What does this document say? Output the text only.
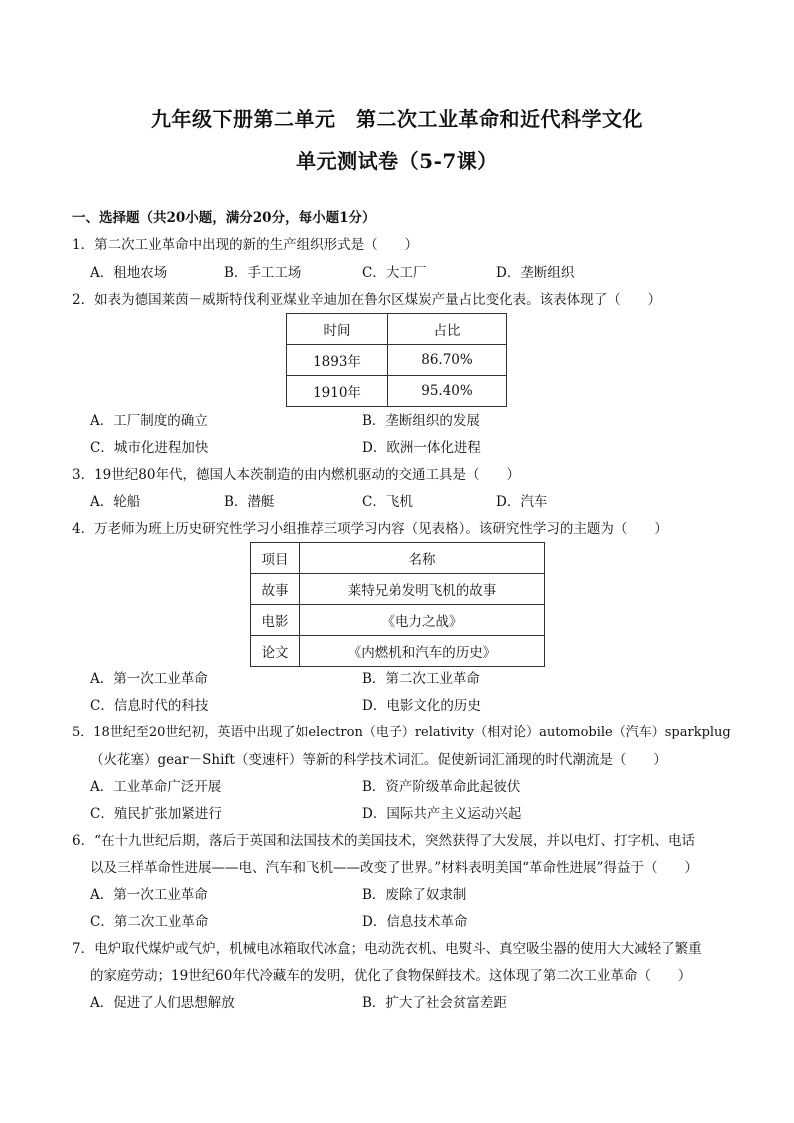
九年级下册第二单元　第二次工业革命和近代科学文化
单元测试卷（5-7课）
一、选择题（共20小题，满分20分，每小题1分）
1．第二次工业革命中出现的新的生产组织形式是（　　）
A．租地农场	B．手工工场	C．大工厂	D．垄断组织
2．如表为德国莱茵－威斯特伐利亚煤业辛迪加在鲁尔区煤炭产量占比变化表。该表体现了（　　）
时间	占比
1893年	86.70%
1910年	95.40%
A．工厂制度的确立	B．垄断组织的发展
C．城市化进程加快	D．欧洲一体化进程
3．19世纪80年代，德国人本茨制造的由内燃机驱动的交通工具是（　　）
A．轮船	B．潜艇	C．飞机	D．汽车
4．万老师为班上历史研究性学习小组推荐三项学习内容（见表格）。该研究性学习的主题为（　　）
项目	名称
故事	莱特兄弟发明飞机的故事
电影	《电力之战》
论文	《内燃机和汽车的历史》
A．第一次工业革命	B．第二次工业革命
C．信息时代的科技	D．电影文化的历史
5．18世纪至20世纪初，英语中出现了如electron（电子）relativity（相对论）automobile（汽车）sparkplug
（火花塞）gear－Shift（变速杆）等新的科学技术词汇。促使新词汇涌现的时代潮流是（　　）
A．工业革命广泛开展	B．资产阶级革命此起彼伏
C．殖民扩张加紧进行	D．国际共产主义运动兴起
6．“在十九世纪后期，落后于英国和法国技术的美国技术，突然获得了大发展，并以电灯、打字机、电话
以及三样革命性进展——电、汽车和飞机——改变了世界。”材料表明美国“革命性进展”得益于（　　）
A．第一次工业革命	B．废除了奴隶制
C．第二次工业革命	D．信息技术革命
7．电炉取代煤炉或气炉，机械电冰箱取代冰盒；电动洗衣机、电熨斗、真空吸尘器的使用大大减轻了繁重
的家庭劳动；19世纪60年代冷藏车的发明，优化了食物保鲜技术。这体现了第二次工业革命（　　）
A．促进了人们思想解放	B．扩大了社会贫富差距
